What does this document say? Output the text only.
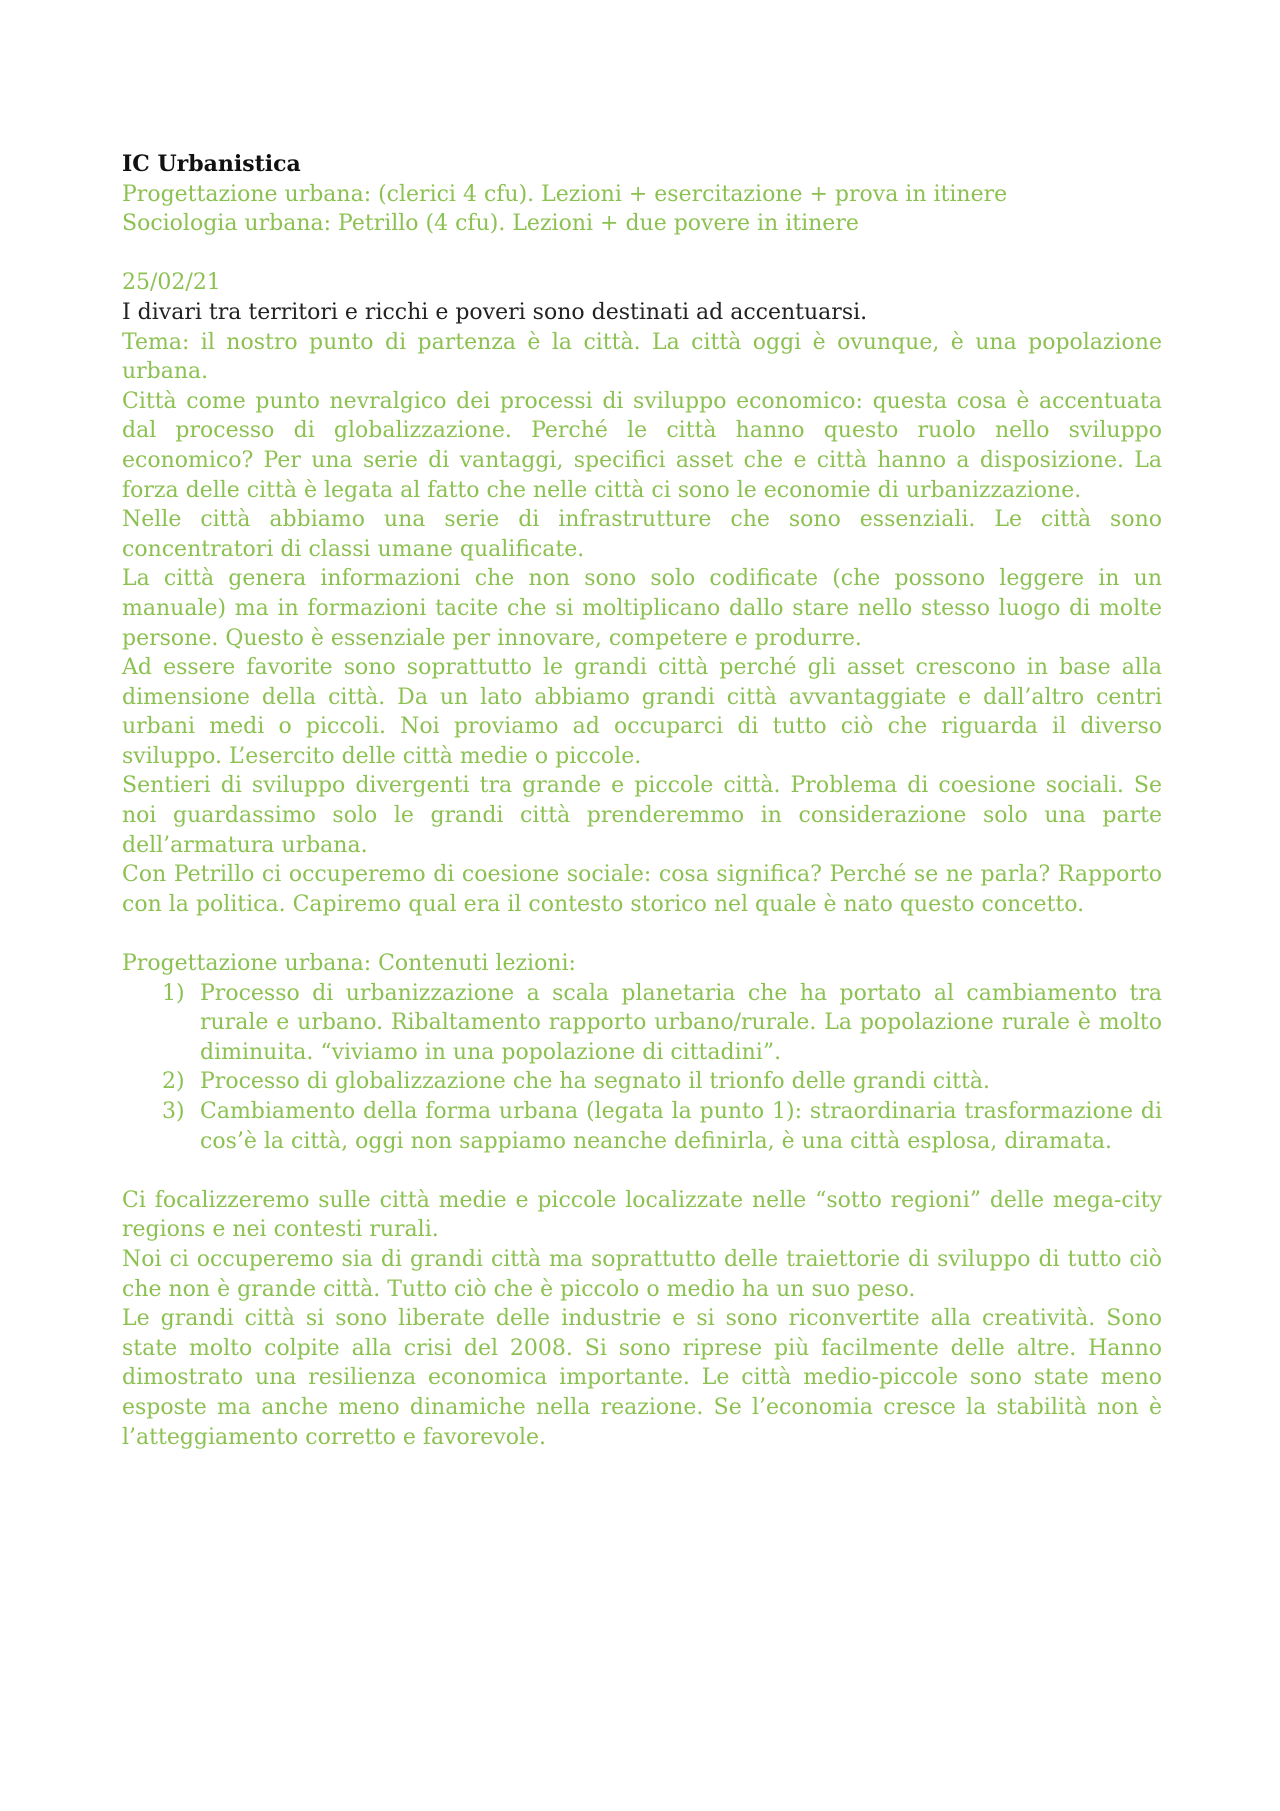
IC Urbanistica

Progettazione urbana: (clerici 4 cfu). Lezioni + esercitazione + prova in itinere

Sociologia urbana: Petrillo (4 cfu). Lezioni + due povere in itinere

25/02/21

I divari tra territori e ricchi e poveri sono destinati ad accentuarsi.

Tema: il nostro punto di partenza è la città. La città oggi è ovunque, è una popolazione urbana.

Città come punto nevralgico dei processi di sviluppo economico: questa cosa è accentuata dal processo di globalizzazione. Perché le città hanno questo ruolo nello sviluppo economico? Per una serie di vantaggi, specifici asset che e città hanno a disposizione. La forza delle città è legata al fatto che nelle città ci sono le economie di urbanizzazione.

Nelle città abbiamo una serie di infrastrutture che sono essenziali. Le città sono concentratori di classi umane qualificate.

La città genera informazioni che non sono solo codificate (che possono leggere in un manuale) ma in formazioni tacite che si moltiplicano dallo stare nello stesso luogo di molte persone. Questo è essenziale per innovare, competere e produrre.

Ad essere favorite sono soprattutto le grandi città perché gli asset crescono in base alla dimensione della città. Da un lato abbiamo grandi città avvantaggiate e dall’altro centri urbani medi o piccoli. Noi proviamo ad occuparci di tutto ciò che riguarda il diverso sviluppo. L’esercito delle città medie o piccole.

Sentieri di sviluppo divergenti tra grande e piccole città. Problema di coesione sociali. Se noi guardassimo solo le grandi città prenderemmo in considerazione solo una parte dell’armatura urbana.

Con Petrillo ci occuperemo di coesione sociale: cosa significa? Perché se ne parla? Rapporto con la politica. Capiremo qual era il contesto storico nel quale è nato questo concetto.

Progettazione urbana: Contenuti lezioni:

1) Processo di urbanizzazione a scala planetaria che ha portato al cambiamento tra rurale e urbano. Ribaltamento rapporto urbano/rurale. La popolazione rurale è molto diminuita. “viviamo in una popolazione di cittadini”.
2) Processo di globalizzazione che ha segnato il trionfo delle grandi città.
3) Cambiamento della forma urbana (legata la punto 1): straordinaria trasformazione di cos’è la città, oggi non sappiamo neanche definirla, è una città esplosa, diramata.

Ci focalizzeremo sulle città medie e piccole localizzate nelle “sotto regioni” delle mega-city regions e nei contesti rurali.

Noi ci occuperemo sia di grandi città ma soprattutto delle traiettorie di sviluppo di tutto ciò che non è grande città. Tutto ciò che è piccolo o medio ha un suo peso.

Le grandi città si sono liberate delle industrie e si sono riconvertite alla creatività. Sono state molto colpite alla crisi del 2008. Si sono riprese più facilmente delle altre. Hanno dimostrato una resilienza economica importante. Le città medio-piccole sono state meno esposte ma anche meno dinamiche nella reazione. Se l’economia cresce la stabilità non è l’atteggiamento corretto e favorevole.
